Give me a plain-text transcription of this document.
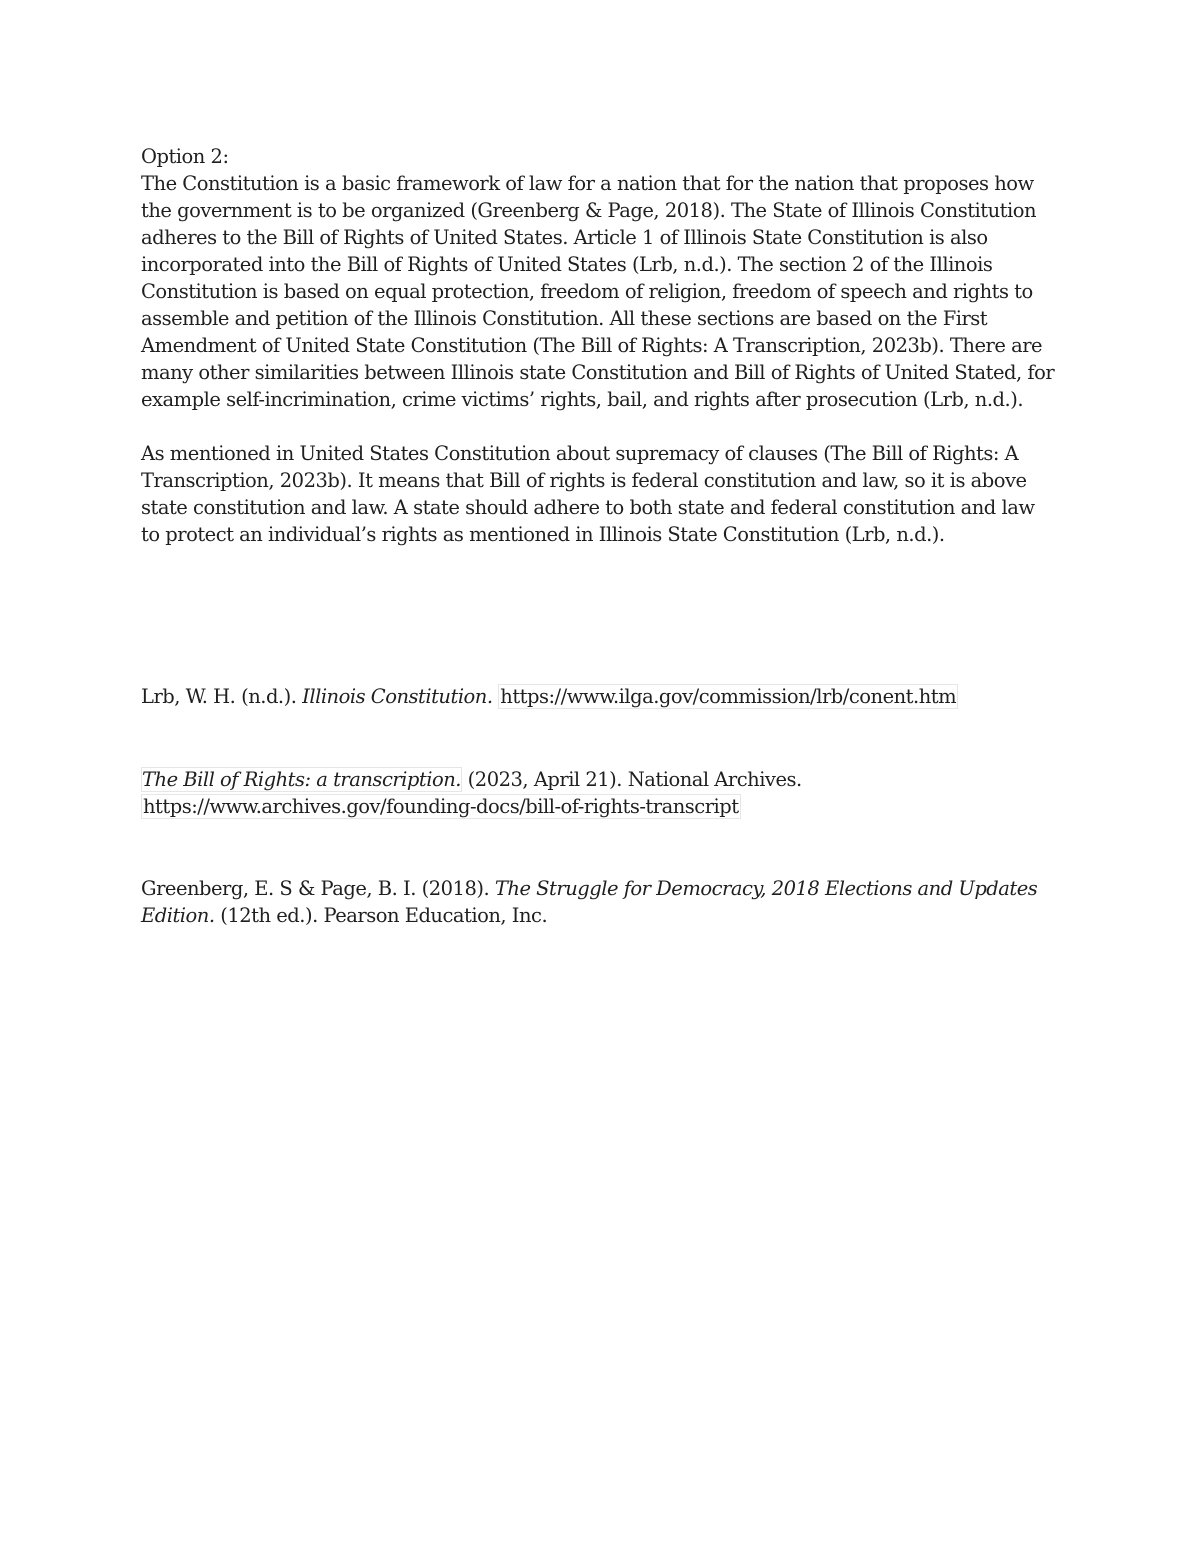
Option 2:

The Constitution is a basic framework of law for a nation that for the nation that proposes how the government is to be organized (Greenberg & Page, 2018). The State of Illinois Constitution adheres to the Bill of Rights of United States. Article 1 of Illinois State Constitution is also incorporated into the Bill of Rights of United States (Lrb, n.d.). The section 2 of the Illinois Constitution is based on equal protection, freedom of religion, freedom of speech and rights to assemble and petition of the Illinois Constitution. All these sections are based on the First Amendment of United State Constitution (The Bill of Rights: A Transcription, 2023b). There are many other similarities between Illinois state Constitution and Bill of Rights of United Stated, for example self-incrimination, crime victims’ rights, bail, and rights after prosecution (Lrb, n.d.).

As mentioned in United States Constitution about supremacy of clauses (The Bill of Rights: A Transcription, 2023b). It means that Bill of rights is federal constitution and law, so it is above state constitution and law. A state should adhere to both state and federal constitution and law to protect an individual’s rights as mentioned in Illinois State Constitution (Lrb, n.d.).

Lrb, W. H. (n.d.). Illinois Constitution. https://www.ilga.gov/commission/lrb/conent.htm
The Bill of Rights: a transcription. (2023, April 21). National Archives. https://www.archives.gov/founding-docs/bill-of-rights-transcript
Greenberg, E. S & Page, B. I. (2018). The Struggle for Democracy, 2018 Elections and Updates Edition. (12th ed.). Pearson Education, Inc.
